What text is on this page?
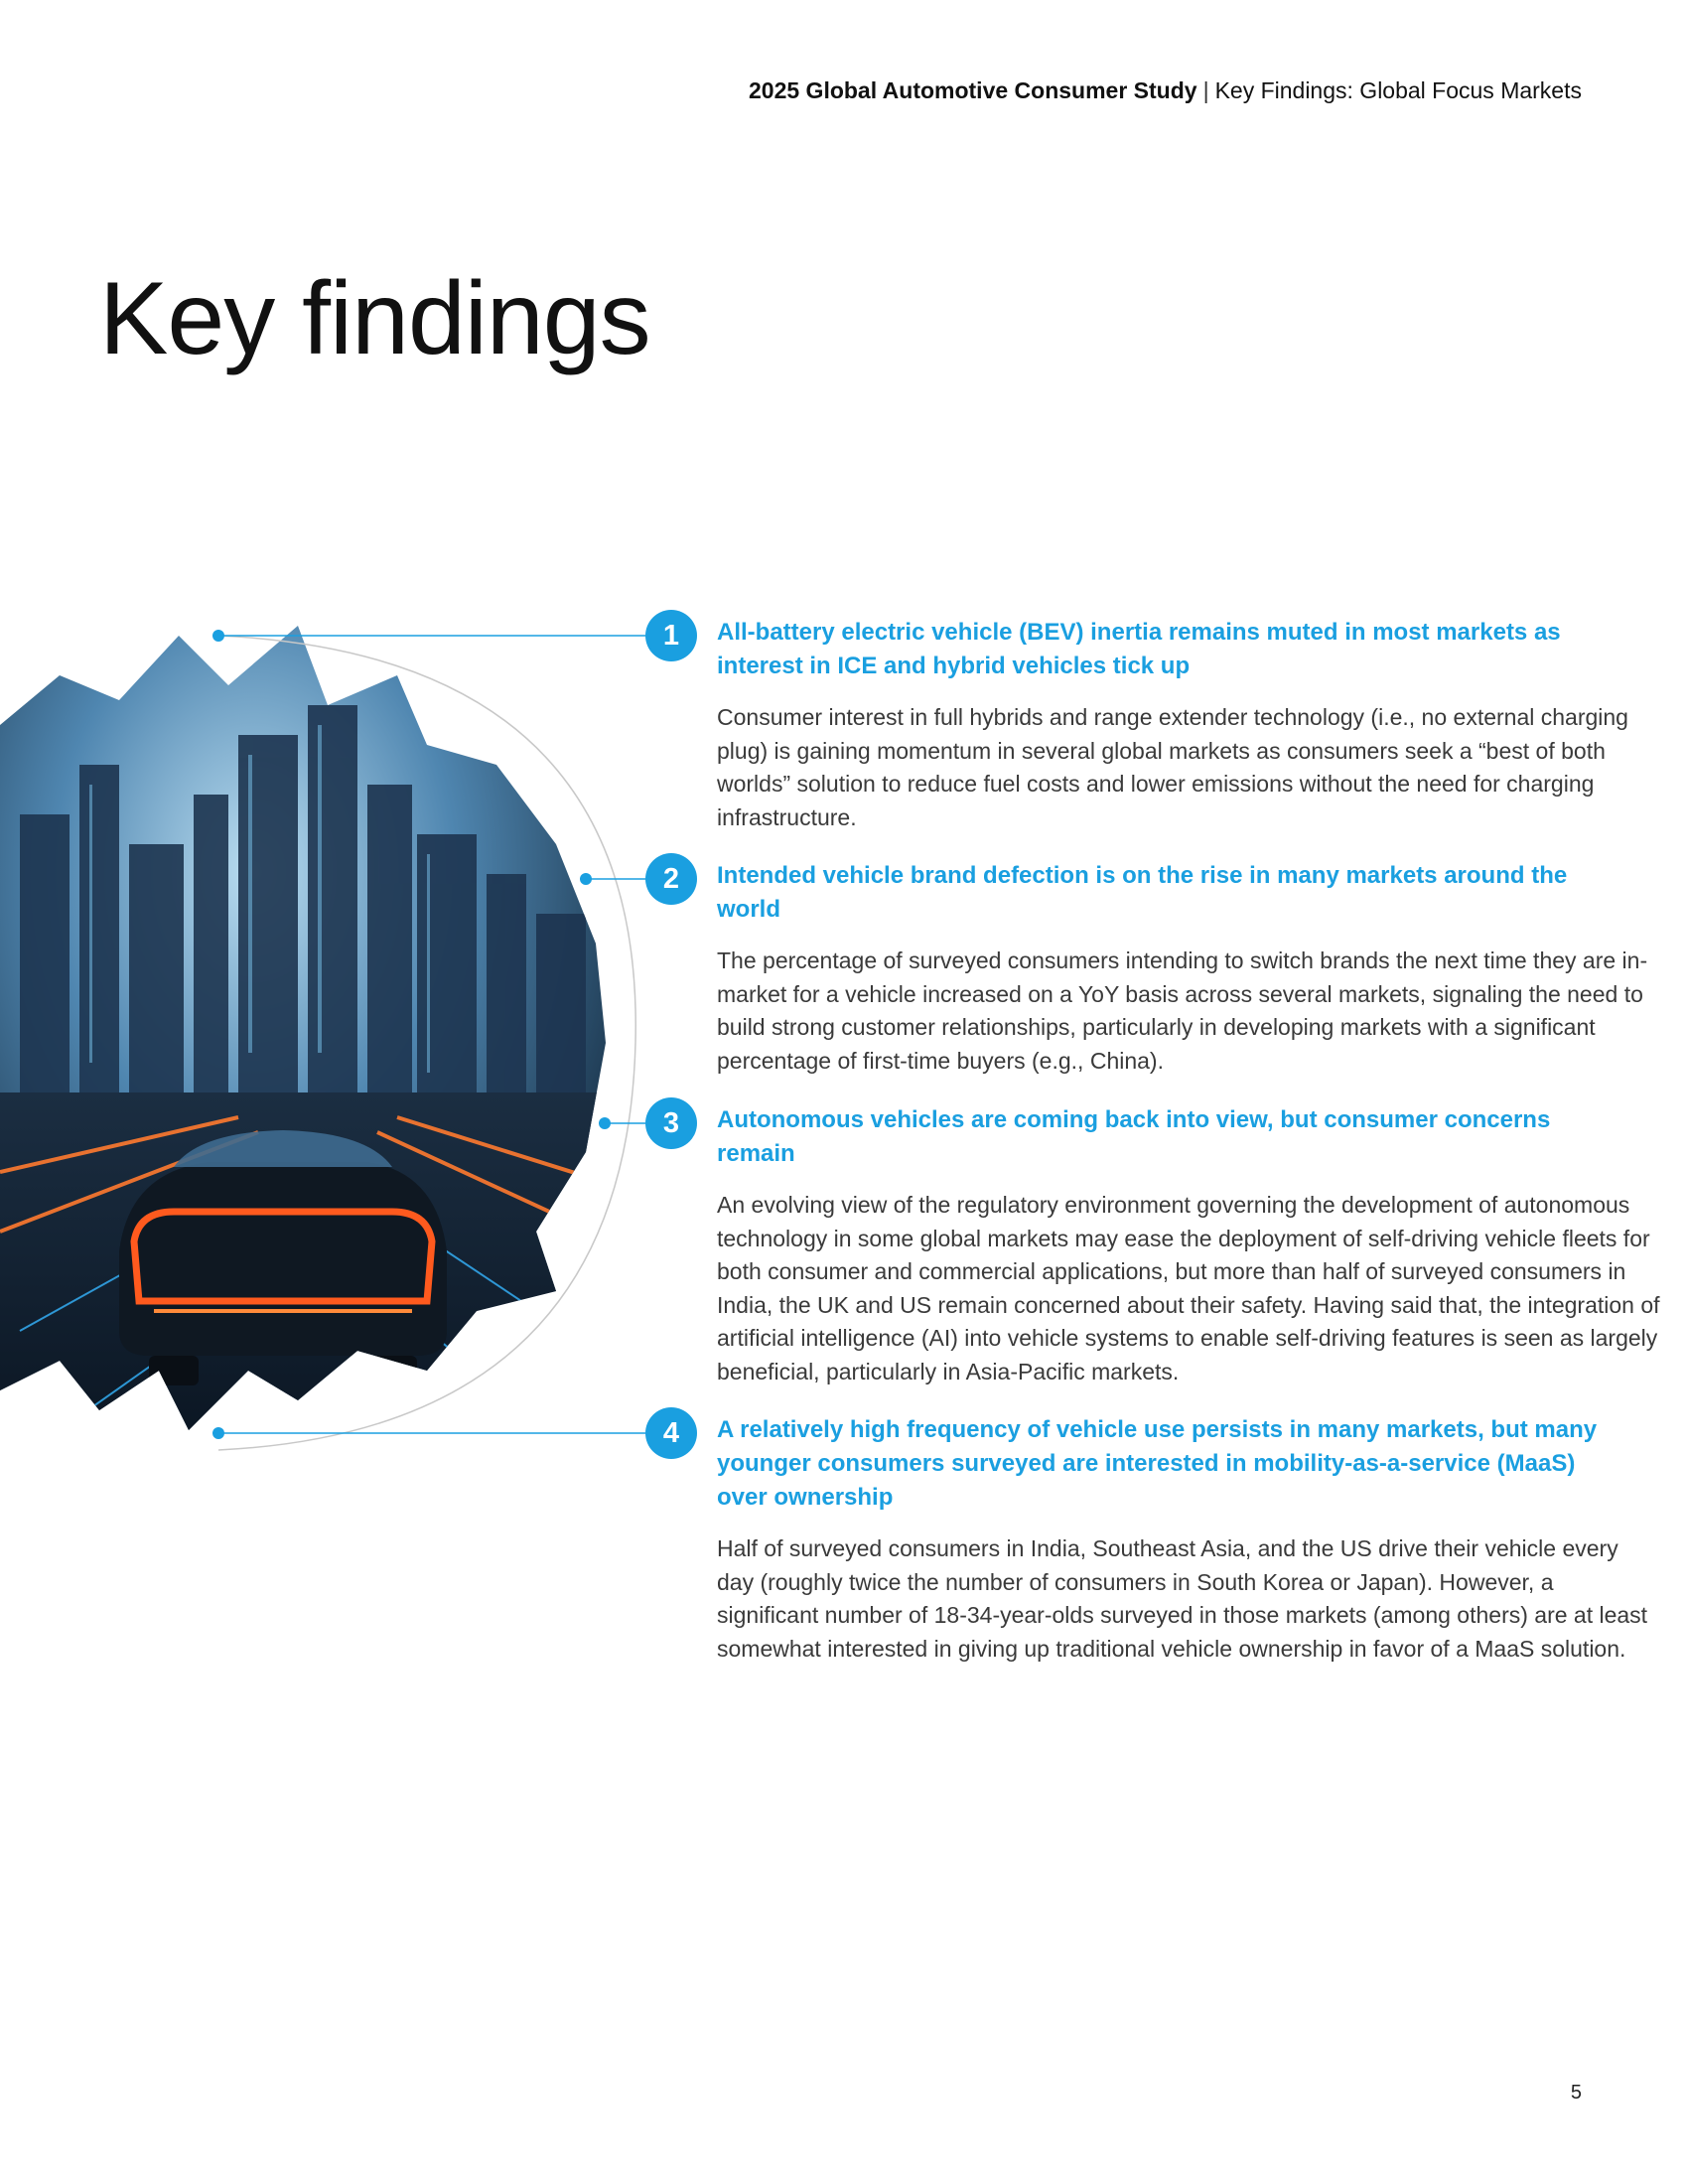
2025 Global Automotive Consumer Study | Key Findings: Global Focus Markets
Key findings
1	All-battery electric vehicle (BEV) inertia remains muted in most markets as interest in ICE and hybrid vehicles tick up

Consumer interest in full hybrids and range extender technology (i.e., no external charging plug) is gaining momentum in several global markets as consumers seek a “best of both worlds” solution to reduce fuel costs and lower emissions without the need for charging infrastructure.

2	Intended vehicle brand defection is on the rise in many markets around the world

The percentage of surveyed consumers intending to switch brands the next time they are in-market for a vehicle increased on a YoY basis across several markets, signaling the need to build strong customer relationships, particularly in developing markets with a significant percentage of first-time buyers (e.g., China).

3	Autonomous vehicles are coming back into view, but consumer concerns remain

An evolving view of the regulatory environment governing the development of autonomous technology in some global markets may ease the deployment of self-driving vehicle fleets for both consumer and commercial applications, but more than half of surveyed consumers in India, the UK and US remain concerned about their safety. Having said that, the integration of artificial intelligence (AI) into vehicle systems to enable self-driving features is seen as largely beneficial, particularly in Asia-Pacific markets.

4	A relatively high frequency of vehicle use persists in many markets, but many younger consumers surveyed are interested in mobility-as-a-service (MaaS) over ownership

Half of surveyed consumers in India, Southeast Asia, and the US drive their vehicle every day (roughly twice the number of consumers in South Korea or Japan). However, a significant number of 18-34-year-olds surveyed in those markets (among others) are at least somewhat interested in giving up traditional vehicle ownership in favor of a MaaS solution.

5
